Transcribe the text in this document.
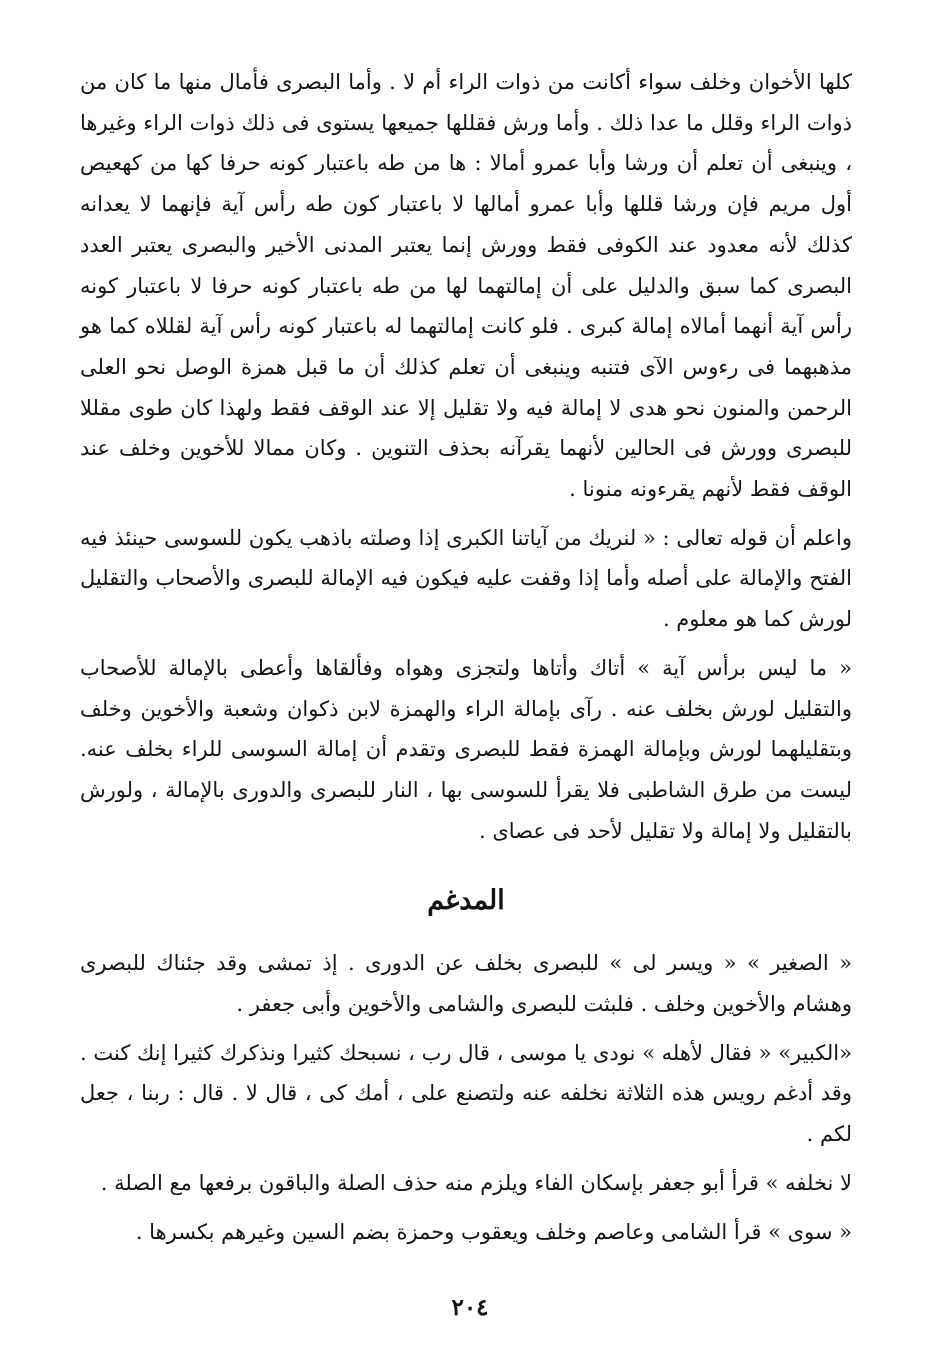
كلها الأخوان وخلف سواء أكانت من ذوات الراء أم لا . وأما البصرى فأمال منها ما كان من ذوات الراء وقلل ما عدا ذلك . وأما ورش فقللها جميعها يستوى فى ذلك ذوات الراء وغيرها ، وينبغى أن تعلم أن ورشا وأبا عمرو أمالا : ها من طه باعتبار كونه حرفا كها من كهعيص أول مريم فإن ورشا قللها وأبا عمرو أمالها لا باعتبار كون طه رأس آية فإنهما لا يعدانه كذلك لأنه معدود عند الكوفى فقط وورش إنما يعتبر المدنى الأخير والبصرى يعتبر العدد البصرى كما سبق والدليل على أن إمالتهما لها من طه باعتبار كونه حرفا لا باعتبار كونه رأس آية أنهما أمالاه إمالة كبرى . فلو كانت إمالتهما له باعتبار كونه رأس آية لقللاه كما هو مذهبهما فى رءوس الآى فتنبه وينبغى أن تعلم كذلك أن ما قبل همزة الوصل نحو العلى الرحمن والمنون نحو هدى لا إمالة فيه ولا تقليل إلا عند الوقف فقط ولهذا كان طوى مقللا للبصرى وورش فى الحالين لأنهما يقرآنه بحذف التنوين . وكان ممالا للأخوين وخلف عند الوقف فقط لأنهم يقرءونه منونا .

واعلم أن قوله تعالى : « لنريك من آياتنا الكبرى إذا وصلته باذهب يكون للسوسى حينئذ فيه الفتح والإمالة على أصله وأما إذا وقفت عليه فيكون فيه الإمالة للبصرى والأصحاب والتقليل لورش كما هو معلوم .

« ما ليس برأس آية » أتاك وأتاها ولتجزى وهواه وفألقاها وأعطى بالإمالة للأصحاب والتقليل لورش بخلف عنه . رآى بإمالة الراء والهمزة لابن ذكوان وشعبة والأخوين وخلف وبتقليلهما لورش وبإمالة الهمزة فقط للبصرى وتقدم أن إمالة السوسى للراء بخلف عنه. ليست من طرق الشاطبى فلا يقرأ للسوسى بها ، النار للبصرى والدورى بالإمالة ، ولورش بالتقليل ولا إمالة ولا تقليل لأحد فى عصاى .

المدغم

« الصغير » « ويسر لى » للبصرى بخلف عن الدورى . إذ تمشى وقد جئناك للبصرى وهشام والأخوين وخلف . فلبثت للبصرى والشامى والأخوين وأبى جعفر .

«الكبير» « فقال لأهله » نودى يا موسى ، قال رب ، نسبحك كثيرا ونذكرك كثيرا إنك كنت . وقد أدغم رويس هذه الثلاثة نخلفه عنه ولتصنع على ، أمك كى ، قال لا . قال : ربنا ، جعل لكم .

لا نخلفه » قرأ أبو جعفر بإسكان الفاء ويلزم منه حذف الصلة والباقون برفعها مع الصلة .

« سوى » قرأ الشامى وعاصم وخلف ويعقوب وحمزة بضم السين وغيرهم بكسرها .

٢٠٤
